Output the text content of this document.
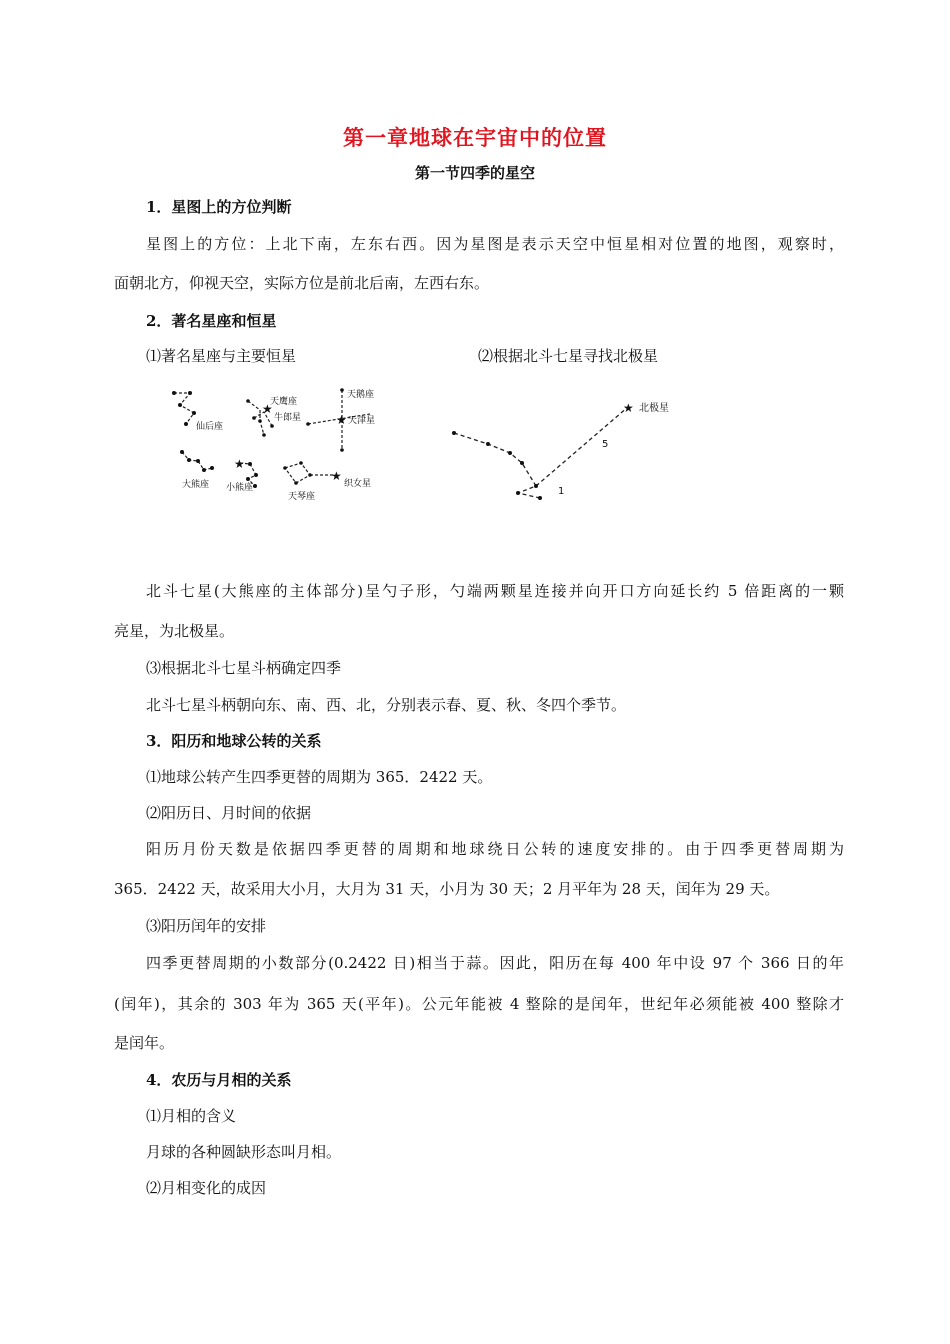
第一章地球在宇宙中的位置
第一节四季的星空
1．星图上的方位判断
星图上的方位：上北下南，左东右西。因为星图是表示天空中恒星相对位置的地图，观察时，
面朝北方，仰视天空，实际方位是前北后南，左西右东。
2．著名星座和恒星
⑴著名星座与主要恒星	⑵根据北斗七星寻找北极星
★
★
★
★
仙后座
天鹰座
牛郎星
天鹅座
天津星
大熊座 小熊座	织女星
天琴座
★ 北极星
5
1
北斗七星(大熊座的主体部分)呈勺子形，勺端两颗星连接并向开口方向延长约 5 倍距离的一颗
亮星，为北极星。
⑶根据北斗七星斗柄确定四季
北斗七星斗柄朝向东、南、西、北，分别表示春、夏、秋、冬四个季节。
3．阳历和地球公转的关系
⑴地球公转产生四季更替的周期为 365．2422 天。
⑵阳历日、月时间的依据
阳历月份天数是依据四季更替的周期和地球绕日公转的速度安排的。由于四季更替周期为
365．2422 天，故采用大小月，大月为 31 天，小月为 30 天；2 月平年为 28 天，闰年为 29 天。
⑶阳历闰年的安排
四季更替周期的小数部分(0.2422 日)相当于蒜。因此，阳历在每 400 年中设 97 个 366 日的年
(闰年)，其余的 303 年为 365 天(平年)。公元年能被 4 整除的是闰年，世纪年必须能被 400 整除才
是闰年。
4．农历与月相的关系
⑴月相的含义
月球的各种圆缺形态叫月相。
⑵月相变化的成因
